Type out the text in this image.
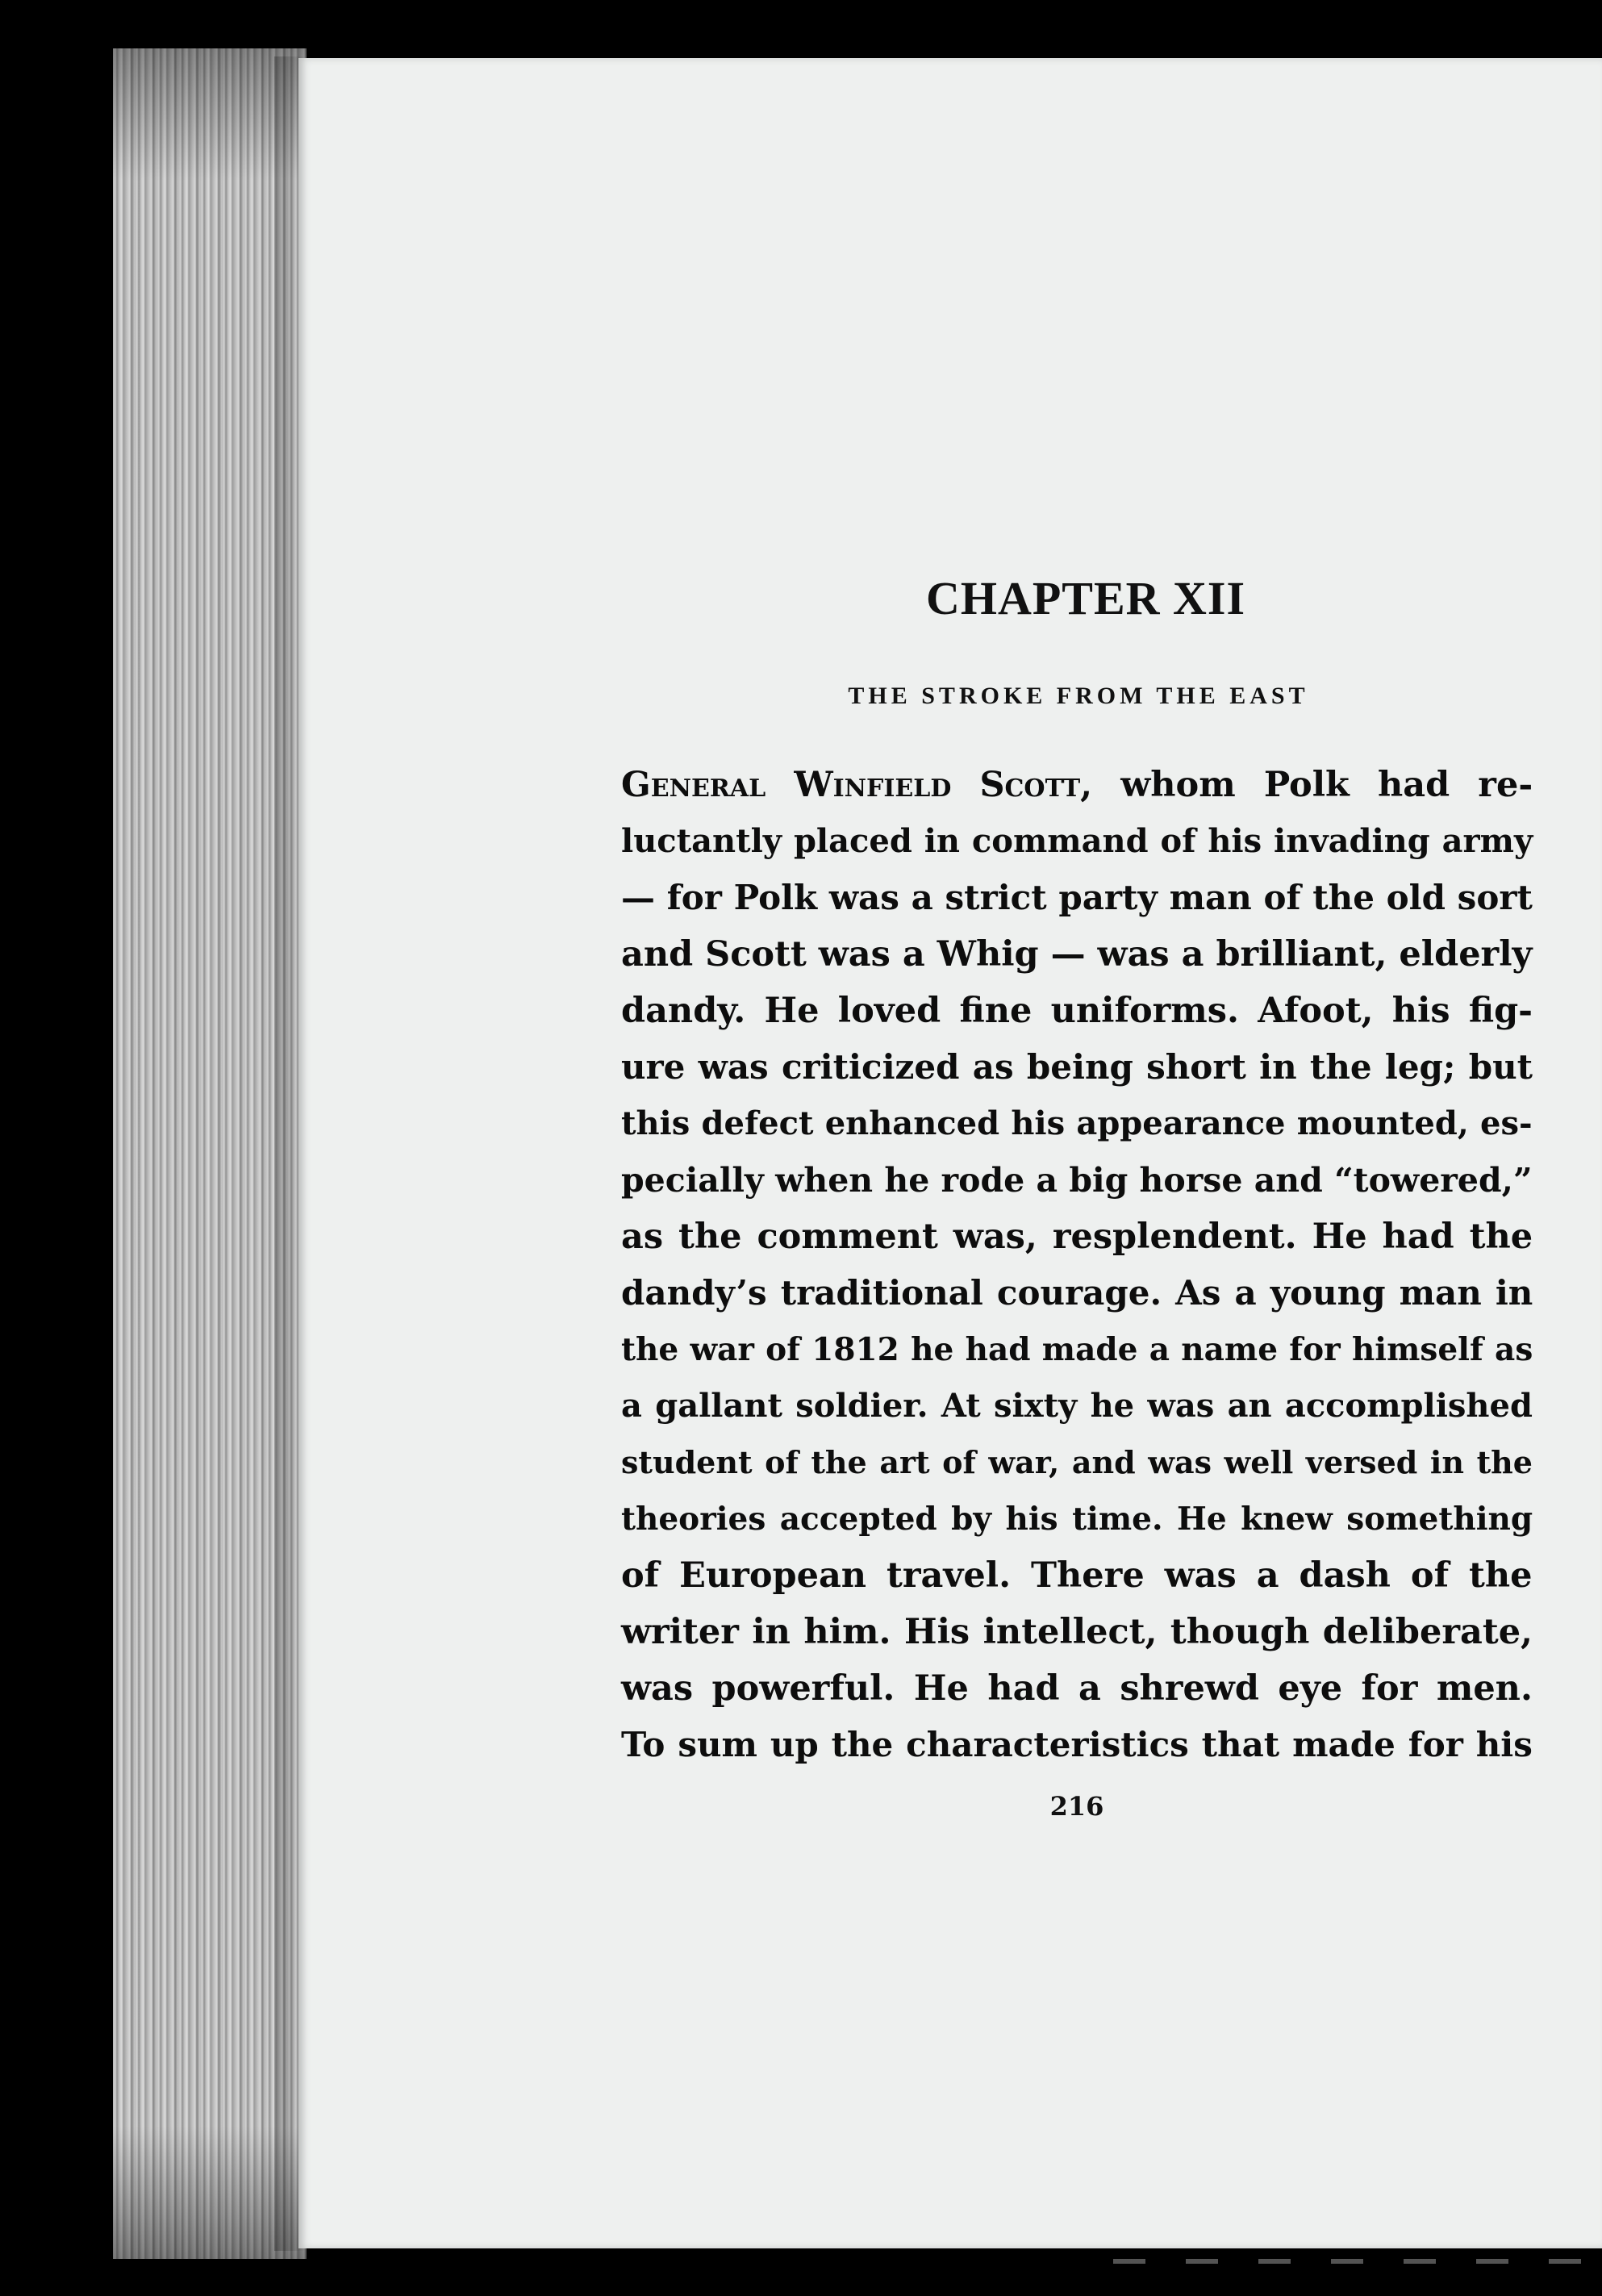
CHAPTER XII
THE STROKE FROM THE EAST
General Winfield Scott, whom Polk had re-
luctantly placed in command of his invading army
— for Polk was a strict party man of the old sort
and Scott was a Whig — was a brilliant, elderly
dandy. He loved fine uniforms. Afoot, his fig-
ure was criticized as being short in the leg; but
this defect enhanced his appearance mounted, es-
pecially when he rode a big horse and “towered,”
as the comment was, resplendent. He had the
dandy’s traditional courage. As a young man in
the war of 1812 he had made a name for himself as
a gallant soldier. At sixty he was an accomplished
student of the art of war, and was well versed in the
theories accepted by his time. He knew something
of European travel. There was a dash of the
writer in him. His intellect, though deliberate,
was powerful. He had a shrewd eye for men.
To sum up the characteristics that made for his
216
